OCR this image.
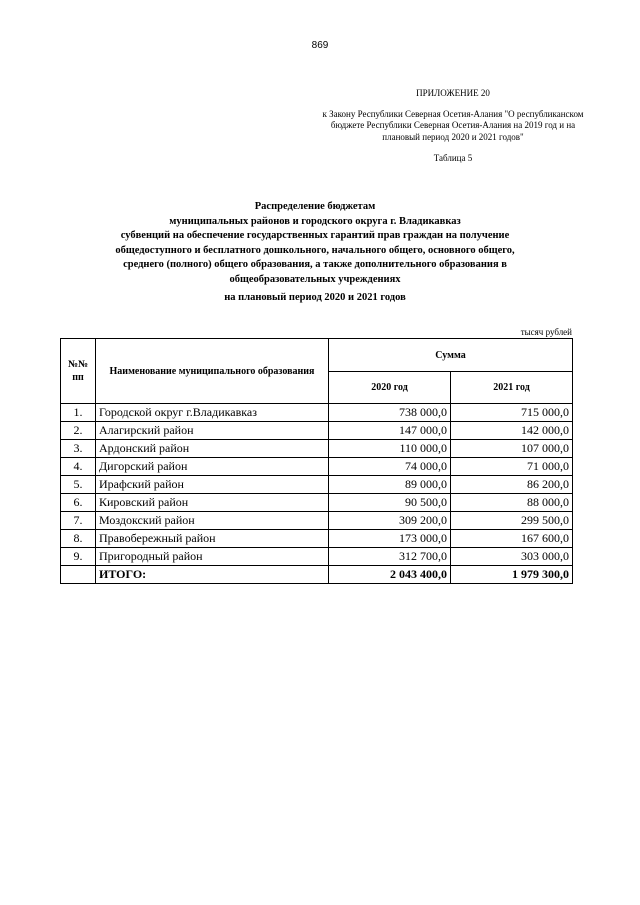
869
ПРИЛОЖЕНИЕ 20
к Закону Республики Северная Осетия-Алания "О республиканском бюджете Республики Северная Осетия-Алания на 2019 год и на плановый период 2020 и 2021 годов"
Таблица 5
Распределение бюджетам
муниципальных районов и городского округа г. Владикавказ
субвенций на обеспечение государственных гарантий прав граждан на получение
общедоступного и бесплатного дошкольного, начального общего, основного общего,
среднего (полного) общего образования, а также дополнительного образования в
общеобразовательных учреждениях
на плановый период 2020 и 2021 годов
тысяч рублей
№№ пп	Наименование муниципального образования	Сумма	
		2020 год	2021 год
1.	Городской округ г.Владикавказ	738 000,0	715 000,0
2.	Алагирский район	147 000,0	142 000,0
3.	Ардонский район	110 000,0	107 000,0
4.	Дигорский район	74 000,0	71 000,0
5.	Ирафский район	89 000,0	86 200,0
6.	Кировский район	90 500,0	88 000,0
7.	Моздокский район	309 200,0	299 500,0
8.	Правобережный район	173 000,0	167 600,0
9.	Пригородный район	312 700,0	303 000,0
	ИТОГО:	2 043 400,0	1 979 300,0
